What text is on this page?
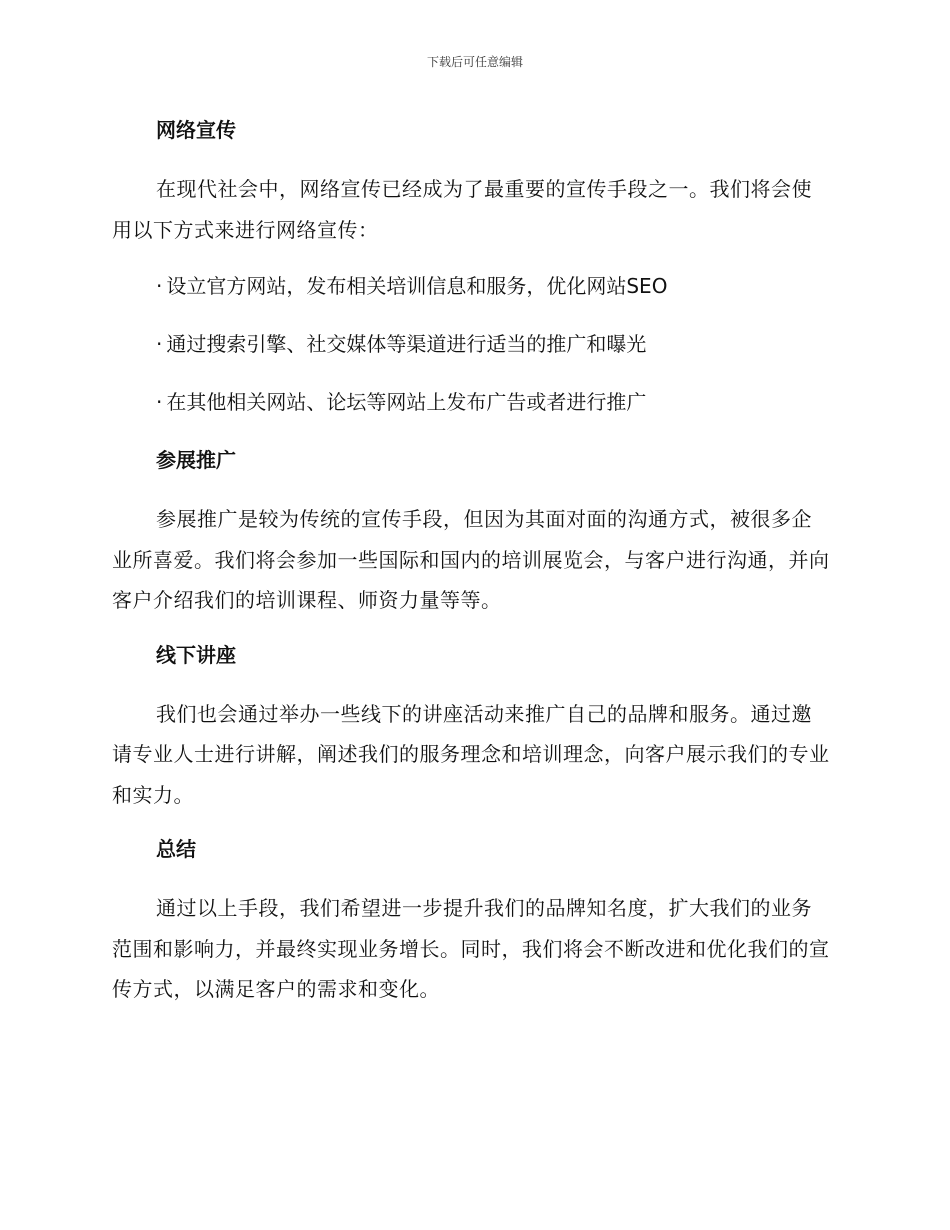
下载后可任意编辑
网络宣传

在现代社会中，网络宣传已经成为了最重要的宣传手段之一。我们将会使用以下方式来进行网络宣传：

· 设立官方网站，发布相关培训信息和服务，优化网站SEO
· 通过搜索引擎、社交媒体等渠道进行适当的推广和曝光
· 在其他相关网站、论坛等网站上发布广告或者进行推广
参展推广

参展推广是较为传统的宣传手段，但因为其面对面的沟通方式，被很多企业所喜爱。我们将会参加一些国际和国内的培训展览会，与客户进行沟通，并向客户介绍我们的培训课程、师资力量等等。

线下讲座

我们也会通过举办一些线下的讲座活动来推广自己的品牌和服务。通过邀请专业人士进行讲解，阐述我们的服务理念和培训理念，向客户展示我们的专业和实力。

总结

通过以上手段，我们希望进一步提升我们的品牌知名度，扩大我们的业务范围和影响力，并最终实现业务增长。同时，我们将会不断改进和优化我们的宣传方式，以满足客户的需求和变化。
